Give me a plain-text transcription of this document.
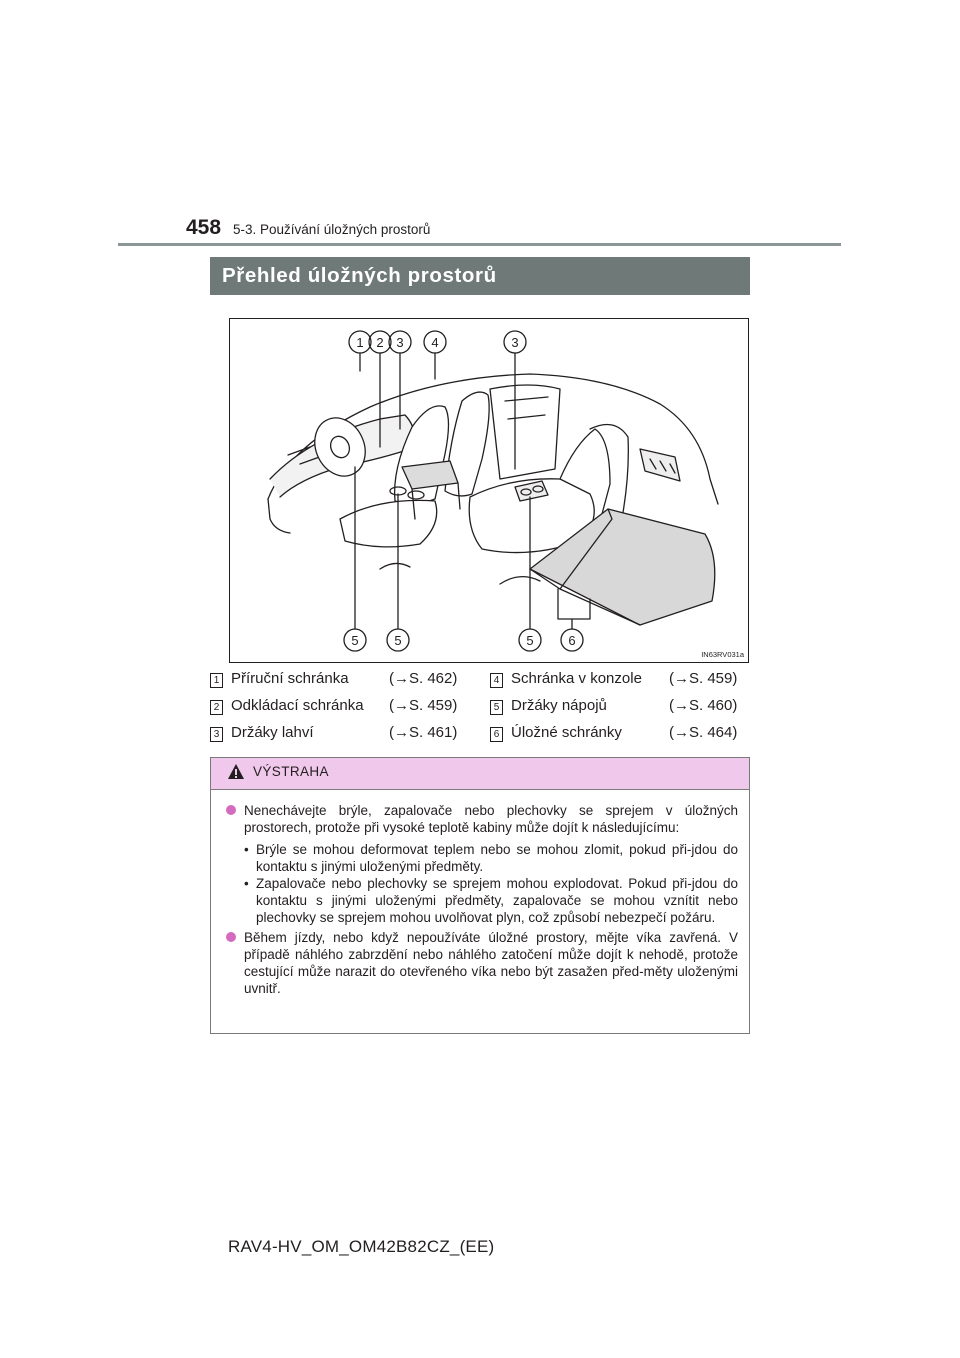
458 5-3. Používání úložných prostorů
Přehled úložných prostorů
1 2 3 4	3
5	5	5	6
IN63RV031a
1 Příruční schránka	(→S. 462)
2 Odkládací schránka (→S. 459)
3 Držáky lahví	(→S. 461)
4 Schránka v konzole (→S. 459)
5 Držáky nápojů	(→S. 460)
6 Úložné schránky	(→S. 464)
VÝSTRAHA
Nenechávejte brýle, zapalovače nebo plechovky se sprejem v úložných prostorech, protože při vysoké teplotě kabiny může dojít k následujícímu:
• Brýle se mohou deformovat teplem nebo se mohou zlomit, pokud při-jdou do kontaktu s jinými uloženými předměty.
• Zapalovače nebo plechovky se sprejem mohou explodovat. Pokud při-jdou do kontaktu s jinými uloženými předměty, zapalovače se mohou vznítit nebo plechovky se sprejem mohou uvolňovat plyn, což způsobí nebezpečí požáru.
Během jízdy, nebo když nepoužíváte úložné prostory, mějte víka zavřená. V případě náhlého zabrzdění nebo náhlého zatočení může dojít k nehodě, protože cestující může narazit do otevřeného víka nebo být zasažen před-měty uloženými uvnitř.
RAV4-HV_OM_OM42B82CZ_(EE)
